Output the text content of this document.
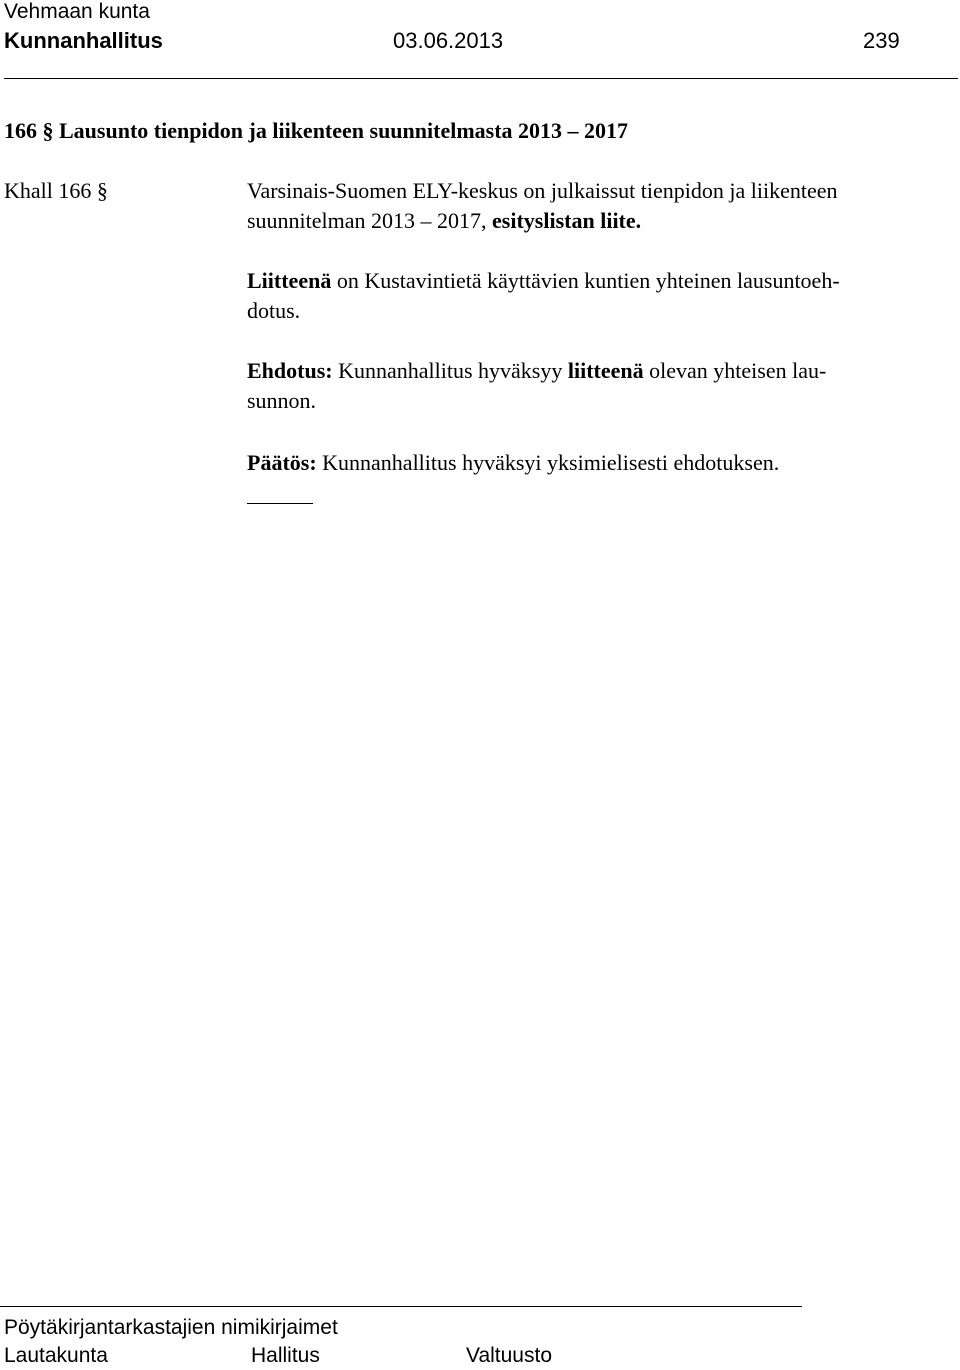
Vehmaan kunta
Kunnanhallitus	03.06.2013	239
166 § Lausunto tienpidon ja liikenteen suunnitelmasta 2013 – 2017
Khall 166 §	Varsinais-Suomen ELY-keskus on julkaissut tienpidon ja liikenteen
suunnitelman 2013 – 2017, esityslistan liite.
Liitteenä on Kustavintietä käyttävien kuntien yhteinen lausuntoeh-
dotus.
Ehdotus: Kunnanhallitus hyväksyy liitteenä olevan yhteisen lau-
sunnon.
Päätös: Kunnanhallitus hyväksyi yksimielisesti ehdotuksen.
Pöytäkirjantarkastajien nimikirjaimet
Lautakunta	Hallitus	Valtuusto
